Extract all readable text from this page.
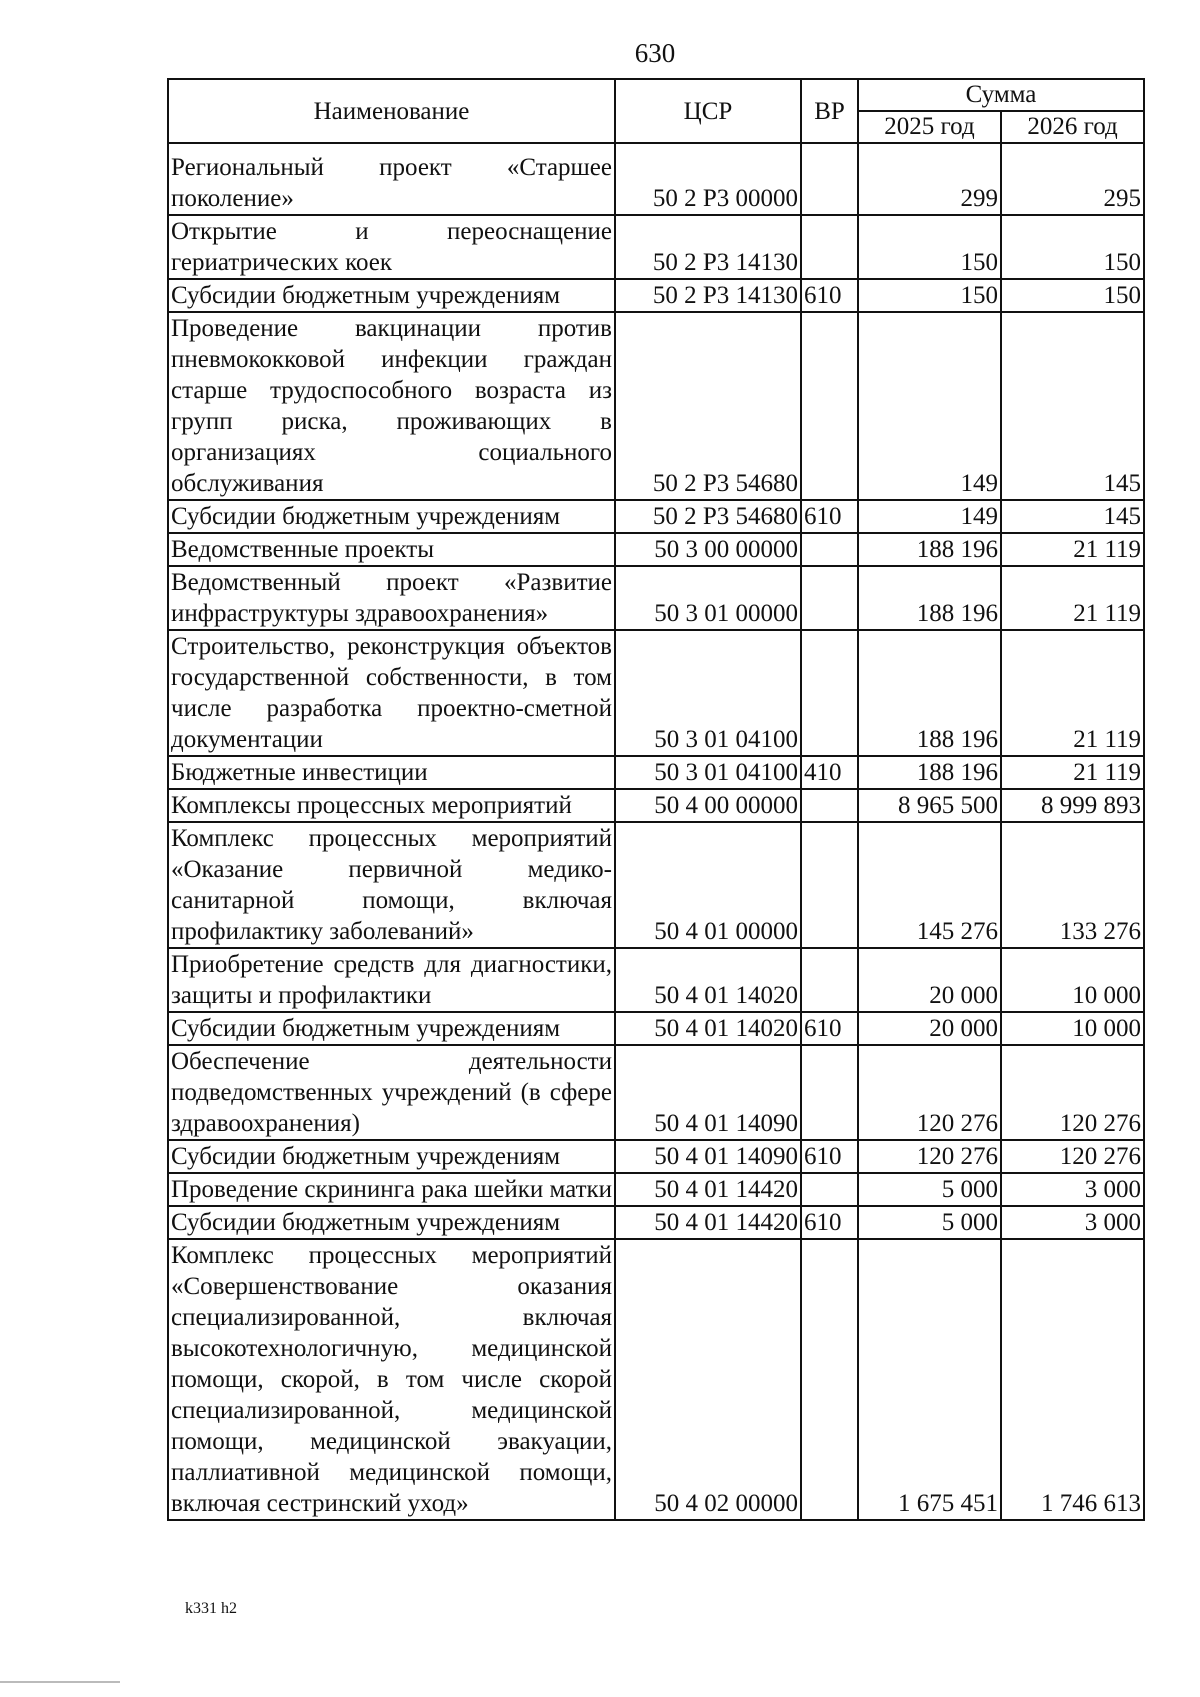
630
Наименование	ЦСР	ВР	Сумма	
			2025 год	2026 год
Региональный проект «Старшее поколение»	50 2 Р3 00000		299	295
Открытие и переоснащение гериатрических коек	50 2 Р3 14130		150	150
Субсидии бюджетным учреждениям	50 2 Р3 14130	610	150	150
Проведение вакцинации против пневмококковой инфекции граждан старше трудоспособного возраста из групп риска, проживающих в организациях социального обслуживания	50 2 Р3 54680		149	145
Субсидии бюджетным учреждениям	50 2 Р3 54680	610	149	145
Ведомственные проекты	50 3 00 00000		188 196	21 119
Ведомственный проект «Развитие инфраструктуры здравоохранения»	50 3 01 00000		188 196	21 119
Строительство, реконструкция объектов государственной собственности, в том числе разработка проектно-сметной документации	50 3 01 04100		188 196	21 119
Бюджетные инвестиции	50 3 01 04100	410	188 196	21 119
Комплексы процессных мероприятий	50 4 00 00000		8 965 500	8 999 893
Комплекс процессных мероприятий «Оказание первичной медико-санитарной помощи, включая профилактику заболеваний»	50 4 01 00000		145 276	133 276
Приобретение средств для диагностики, защиты и профилактики	50 4 01 14020		20 000	10 000
Субсидии бюджетным учреждениям	50 4 01 14020	610	20 000	10 000
Обеспечение деятельности подведомственных учреждений (в сфере здравоохранения)	50 4 01 14090		120 276	120 276
Субсидии бюджетным учреждениям	50 4 01 14090	610	120 276	120 276
Проведение скрининга рака шейки матки	50 4 01 14420		5 000	3 000
Субсидии бюджетным учреждениям	50 4 01 14420	610	5 000	3 000
Комплекс процессных мероприятий «Совершенствование оказания специализированной, включая высокотехнологичную, медицинской помощи, скорой, в том числе скорой специализированной, медицинской помощи, медицинской эвакуации, паллиативной медицинской помощи, включая сестринский уход»	50 4 02 00000		1 675 451	1 746 613
k331 h2
